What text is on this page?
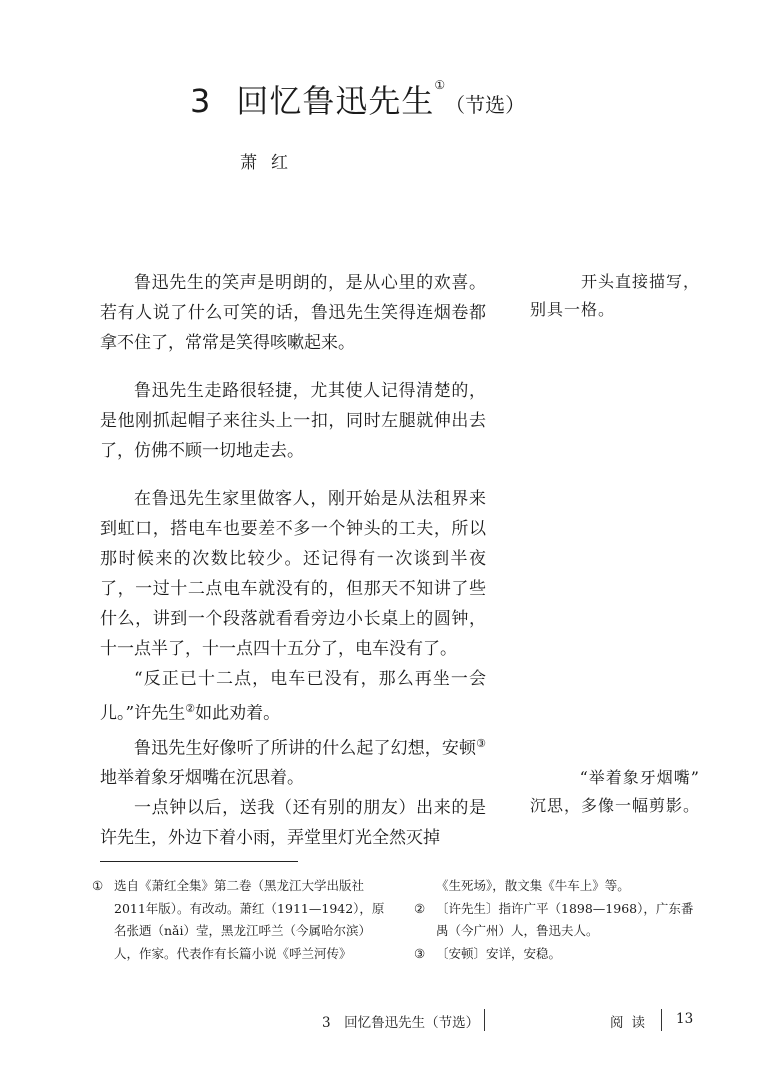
3 回忆鲁迅先生①（节选）
萧红

鲁迅先生的笑声是明朗的，是从心里的欢喜。若有人说了什么可笑的话，鲁迅先生笑得连烟卷都拿不住了，常常是笑得咳嗽起来。

鲁迅先生走路很轻捷，尤其使人记得清楚的，是他刚抓起帽子来往头上一扣，同时左腿就伸出去了，仿佛不顾一切地走去。

在鲁迅先生家里做客人，刚开始是从法租界来到虹口，搭电车也要差不多一个钟头的工夫，所以那时候来的次数比较少。还记得有一次谈到半夜了，一过十二点电车就没有的，但那天不知讲了些什么，讲到一个段落就看看旁边小长桌上的圆钟，十一点半了，十一点四十五分了，电车没有了。

“反正已十二点，电车已没有，那么再坐一会儿。”许先生②如此劝着。

鲁迅先生好像听了所讲的什么起了幻想，安顿③地举着象牙烟嘴在沉思着。

一点钟以后，送我（还有别的朋友）出来的是许先生，外边下着小雨，弄堂里灯光全然灭掉

开头直接描写，
别具一格。
“举着象牙烟嘴”
沉思，多像一幅剪影。
① 选自《萧红全集》第二卷（黑龙江大学出版社2011年版）。有改动。萧红（1911—1942），原名张迺（nǎi）莹，黑龙江呼兰（今属哈尔滨）人，作家。代表作有长篇小说《呼兰河传》
《生死场》，散文集《牛车上》等。
② 〔许先生〕指许广平（1898—1968），广东番禺（今广州）人，鲁迅夫人。
③ 〔安顿〕安详，安稳。
3　回忆鲁迅先生（节选）	阅读 13
